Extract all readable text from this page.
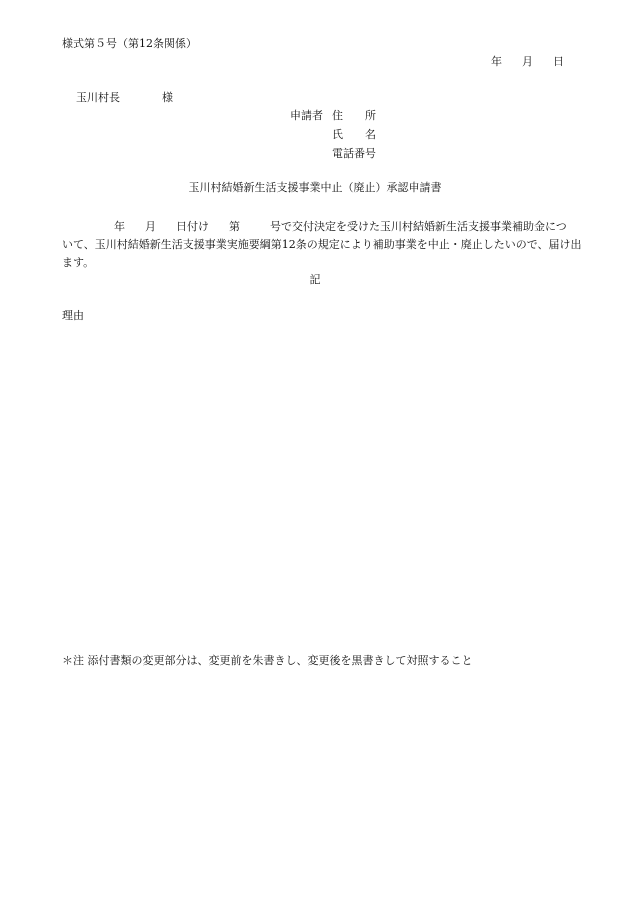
様式第５号（第12条関係）
年 月 日
玉川村長	様
申請者 住 所
氏 名
電話番号
玉川村結婚新生活支援事業中止（廃止）承認申請書
年 月 日付け 第	号で交付決定を受けた玉川村結婚新生活支援事業補助金につ
いて、玉川村結婚新生活支援事業実施要綱第12条の規定により補助事業を中止・廃止したいので、届け出
ます。
記
理由
＊注 添付書類の変更部分は、変更前を朱書きし、変更後を黒書きして対照すること
